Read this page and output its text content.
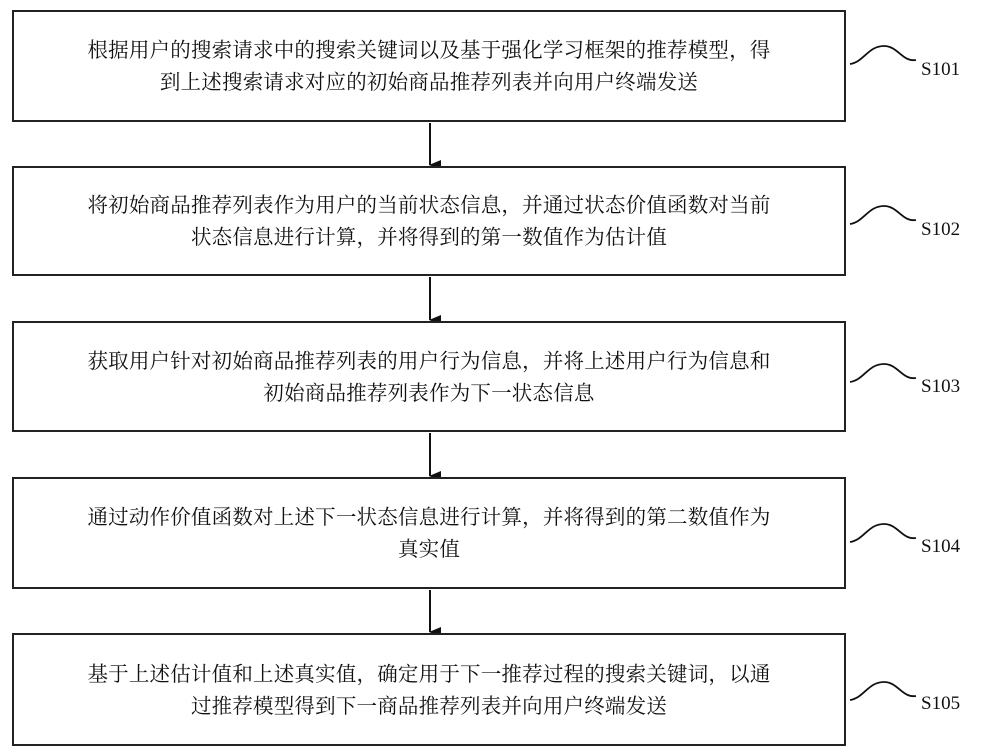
根据用户的搜索请求中的搜索关键词以及基于强化学习框架的推荐模型，得
到上述搜索请求对应的初始商品推荐列表并向用户终端发送
S101
将初始商品推荐列表作为用户的当前状态信息，并通过状态价值函数对当前
状态信息进行计算，并将得到的第一数值作为估计值	S102
获取用户针对初始商品推荐列表的用户行为信息，并将上述用户行为信息和
初始商品推荐列表作为下一状态信息	S103
通过动作价值函数对上述下一状态信息进行计算，并将得到的第二数值作为
真实值	S104
基于上述估计值和上述真实值，确定用于下一推荐过程的搜索关键词，以通
过推荐模型得到下一商品推荐列表并向用户终端发送	S105
